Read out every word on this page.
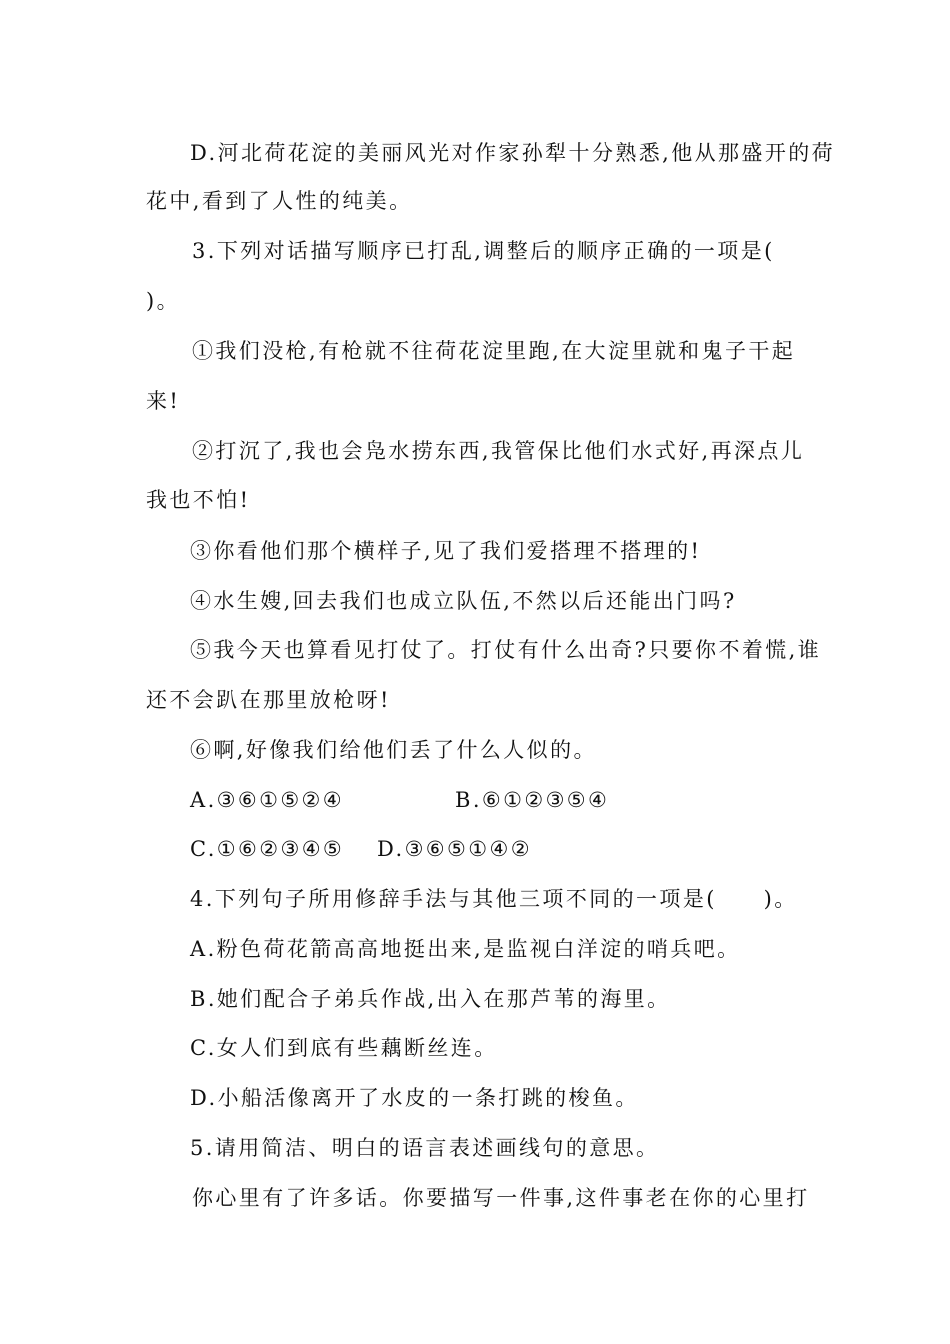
D.河北荷花淀的美丽风光对作家孙犁十分熟悉,他从那盛开的荷
花中,看到了人性的纯美。
3.下列对话描写顺序已打乱,调整后的顺序正确的一项是(
)。
①我们没枪,有枪就不往荷花淀里跑,在大淀里就和鬼子干起
来!
②打沉了,我也会凫水捞东西,我管保比他们水式好,再深点儿
我也不怕!
③你看他们那个横样子,见了我们爱搭理不搭理的!
④水生嫂,回去我们也成立队伍,不然以后还能出门吗?
⑤我今天也算看见打仗了。打仗有什么出奇?只要你不着慌,谁
还不会趴在那里放枪呀!
⑥啊,好像我们给他们丢了什么人似的。
A.③⑥①⑤②④	B.⑥①②③⑤④
C.①⑥②③④⑤ D.③⑥⑤①④②
4.下列句子所用修辞手法与其他三项不同的一项是(　　)。
A.粉色荷花箭高高地挺出来,是监视白洋淀的哨兵吧。
B.她们配合子弟兵作战,出入在那芦苇的海里。
C.女人们到底有些藕断丝连。
D.小船活像离开了水皮的一条打跳的梭鱼。
5.请用简洁、明白的语言表述画线句的意思。
你心里有了许多话。你要描写一件事,这件事老在你的心里打
